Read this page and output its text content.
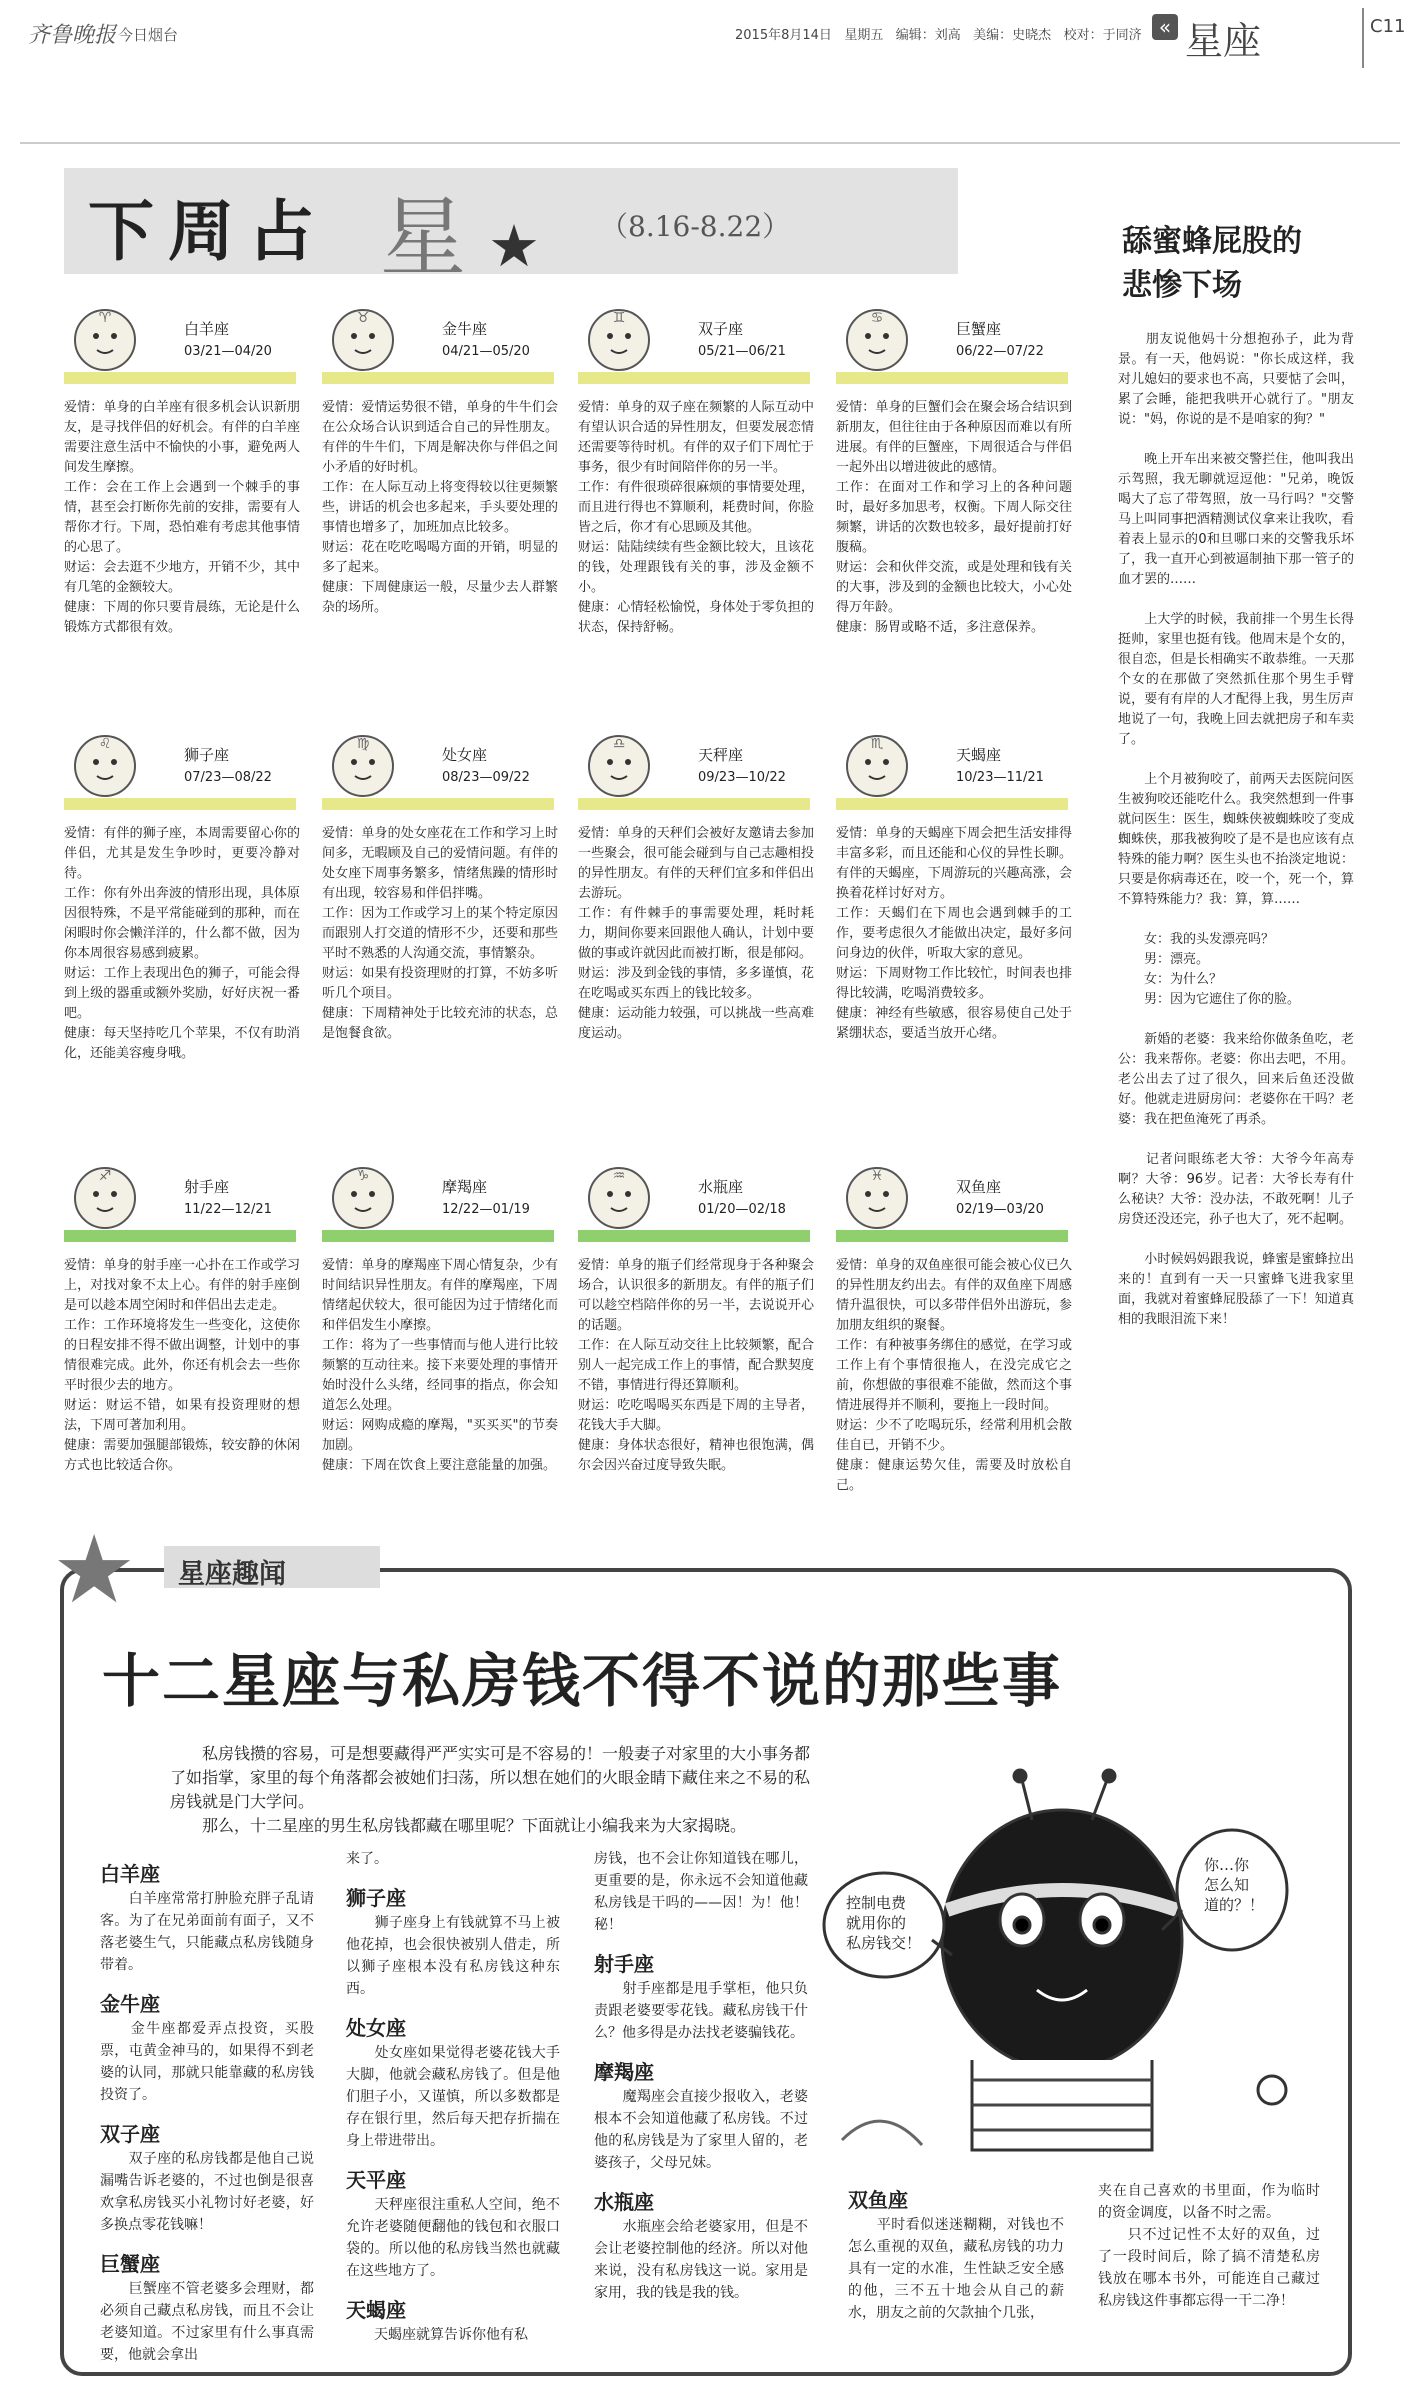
齐鲁晚报 今日烟台	2015年8月14日 星期五 编辑：刘高 美编：史晓杰 校对：于同济 « 星座	C11
下周占 星 ★ （8.16-8.22）
♈
白羊座
03/21—04/20
爱情：单身的白羊座有很多机会认识新朋友，是寻找伴侣的好机会。有伴的白羊座需要注意生活中不愉快的小事，避免两人间发生摩擦。
工作：会在工作上会遇到一个棘手的事情，甚至会打断你先前的安排，需要有人帮你才行。下周，恐怕难有考虑其他事情的心思了。
财运：会去逛不少地方，开销不少，其中有几笔的金额较大。
健康：下周的你只要肯晨练，无论是什么锻炼方式都很有效。
♉
金牛座
04/21—05/20
爱情：爱情运势很不错，单身的牛牛们会在公众场合认识到适合自己的异性朋友。有伴的牛牛们，下周是解决你与伴侣之间小矛盾的好时机。
工作：在人际互动上将变得较以往更频繁些，讲话的机会也多起来，手头要处理的事情也增多了，加班加点比较多。
财运：花在吃吃喝喝方面的开销，明显的多了起来。
健康：下周健康运一般，尽量少去人群繁杂的场所。
♊
双子座
05/21—06/21
爱情：单身的双子座在频繁的人际互动中有望认识合适的异性朋友，但要发展恋情还需要等待时机。有伴的双子们下周忙于事务，很少有时间陪伴你的另一半。
工作：有件很琐碎很麻烦的事情要处理，而且进行得也不算顺利，耗费时间，你脸皆之后，你才有心思顾及其他。
财运：陆陆续续有些金额比较大，且该花的钱，处理跟钱有关的事，涉及金额不小。
健康：心情轻松愉悦，身体处于零负担的状态，保持舒畅。
♋
巨蟹座
06/22—07/22
爱情：单身的巨蟹们会在聚会场合结识到新朋友，但往往由于各种原因而难以有所进展。有伴的巨蟹座，下周很适合与伴侣一起外出以增进彼此的感情。
工作：在面对工作和学习上的各种问题时，最好多加思考，权衡。下周人际交往频繁，讲话的次数也较多，最好提前打好腹稿。
财运：会和伙伴交流，或是处理和钱有关的大事，涉及到的金额也比较大，小心处得万年龄。
健康：肠胃或略不适，多注意保养。
♌
狮子座
07/23—08/22
爱情：有伴的狮子座，本周需要留心你的伴侣，尤其是发生争吵时，更要冷静对待。
工作：你有外出奔波的情形出现，具体原因很特殊，不是平常能碰到的那种，而在闲暇时你会懒洋洋的，什么都不做，因为你本周很容易感到疲累。
财运：工作上表现出色的狮子，可能会得到上级的器重或额外奖励，好好庆祝一番吧。
健康：每天坚持吃几个苹果，不仅有助消化，还能美容瘦身哦。
♍
处女座
08/23—09/22
爱情：单身的处女座花在工作和学习上时间多，无暇顾及自己的爱情问题。有伴的处女座下周事务繁多，情绪焦躁的情形时有出现，较容易和伴侣拌嘴。
工作：因为工作或学习上的某个特定原因而跟别人打交道的情形不少，还要和那些平时不熟悉的人沟通交流，事情繁杂。
财运：如果有投资理财的打算，不妨多听听几个项目。
健康：下周精神处于比较充沛的状态，总是饱餐食欲。
♎
天秤座
09/23—10/22
爱情：单身的天秤们会被好友邀请去参加一些聚会，很可能会碰到与自己志趣相投的异性朋友。有伴的天秤们宜多和伴侣出去游玩。
工作：有件棘手的事需要处理，耗时耗力，期间你要来回跟他人确认，计划中要做的事或许就因此而被打断，很是郁闷。
财运：涉及到金钱的事情，多多谨慎，花在吃喝或买东西上的钱比较多。
健康：运动能力较强，可以挑战一些高难度运动。
♏
天蝎座
10/23—11/21
爱情：单身的天蝎座下周会把生活安排得丰富多彩，而且还能和心仪的异性长聊。有伴的天蝎座，下周游玩的兴趣高涨，会换着花样讨好对方。
工作：天蝎们在下周也会遇到棘手的工作，要考虑很久才能做出决定，最好多问问身边的伙伴，听取大家的意见。
财运：下周财物工作比较忙，时间表也排得比较满，吃喝消费较多。
健康：神经有些敏感，很容易使自己处于紧绷状态，要适当放开心绪。
♐
射手座
11/22—12/21
爱情：单身的射手座一心扑在工作或学习上，对找对象不太上心。有伴的射手座倒是可以趁本周空闲时和伴侣出去走走。
工作：工作环境将发生一些变化，这使你的日程安排不得不做出调整，计划中的事情很难完成。此外，你还有机会去一些你平时很少去的地方。
财运：财运不错，如果有投资理财的想法，下周可著加利用。
健康：需要加强腿部锻炼，较安静的休闲方式也比较适合你。
♑
摩羯座
12/22—01/19
爱情：单身的摩羯座下周心情复杂，少有时间结识异性朋友。有伴的摩羯座，下周情绪起伏较大，很可能因为过于情绪化而和伴侣发生小摩擦。
工作：将为了一些事情而与他人进行比较频繁的互动往来。接下来要处理的事情开始时没什么头绪，经同事的指点，你会知道怎么处理。
财运：网购成瘾的摩羯，"买买买"的节奏加剧。
健康：下周在饮食上要注意能量的加强。
♒
水瓶座
01/20—02/18
爱情：单身的瓶子们经常现身于各种聚会场合，认识很多的新朋友。有伴的瓶子们可以趁空档陪伴你的另一半，去说说开心的话题。
工作：在人际互动交往上比较频繁，配合别人一起完成工作上的事情，配合默契度不错，事情进行得还算顺利。
财运：吃吃喝喝买东西是下周的主导者，花钱大手大脚。
健康：身体状态很好，精神也很饱满，偶尔会因兴奋过度导致失眠。
♓
双鱼座
02/19—03/20
爱情：单身的双鱼座很可能会被心仪已久的异性朋友约出去。有伴的双鱼座下周感情升温很快，可以多带伴侣外出游玩，参加朋友组织的聚餐。
工作：有种被事务绑住的感觉，在学习或工作上有个事情很拖人，在没完成它之前，你想做的事很难不能做，然而这个事情进展得并不顺利，要拖上一段时间。
财运：少不了吃喝玩乐，经常利用机会散佳自已，开销不少。
健康：健康运势欠佳，需要及时放松自己。
舔蜜蜂屁股的
悲惨下场
　　朋友说他妈十分想抱孙子，此为背景。有一天，他妈说："你长成这样，我对儿媳妇的要求也不高，只要惦了会叫，累了会睡，能把我哄开心就行了。"朋友说："妈，你说的是不是咱家的狗？"

　　晚上开车出来被交警拦住，他叫我出示驾照，我无聊就逗逗他："兄弟，晚饭喝大了忘了带驾照，放一马行吗？"交警马上叫同事把酒精测试仪拿来让我吹，看着表上显示的0和旦哪口来的交警我乐坏了，我一直开心到被逼制抽下那一管子的血才罢的……

　　上大学的时候，我前排一个男生长得挺帅，家里也挺有钱。他周末是个女的，很自恋，但是长相确实不敢恭维。一天那个女的在那做了突然抓住那个男生手臂说，要有有岸的人才配得上我，男生厉声地说了一句，我晚上回去就把房子和车卖了。

　　上个月被狗咬了，前两天去医院问医生被狗咬还能吃什么。我突然想到一件事就问医生：医生，蜘蛛侠被蜘蛛咬了变成蜘蛛侠，那我被狗咬了是不是也应该有点特殊的能力啊？医生头也不抬淡定地说：只要是你病毒还在，咬一个，死一个，算不算特殊能力？我：算，算……

　　女：我的头发漂亮吗？
　　男：漂亮。
　　女：为什么？
　　男：因为它遮住了你的脸。

　　新婚的老婆：我来给你做条鱼吃，老公：我来帮你。老婆：你出去吧，不用。老公出去了过了很久，回来后鱼还没做好。他就走进厨房问：老婆你在干吗？老婆：我在把鱼淹死了再杀。

　　记者问眼练老大爷：大爷今年高寿啊？大爷：96岁。记者：大爷长寿有什么秘诀？大爷：没办法，不敢死啊！儿子房贷还没还完，孙子也大了，死不起啊。

　　小时候妈妈跟我说，蜂蜜是蜜蜂拉出来的！直到有一天一只蜜蜂飞进我家里面，我就对着蜜蜂屁股舔了一下！知道真相的我眼泪流下来！
★ 星座趣闻
十二星座与私房钱不得不说的那些事
　　私房钱攒的容易，可是想要藏得严严实实可是不容易的！一般妻子对家里的大小事务都了如指掌，家里的每个角落都会被她们扫荡，所以想在她们的火眼金睛下藏住来之不易的私房钱就是门大学问。
　　那么，十二星座的男生私房钱都藏在哪里呢？下面就让小编我来为大家揭晓。
白羊座
　　白羊座常常打肿脸充胖子乱请客。为了在兄弟面前有面子，又不落老婆生气，只能藏点私房钱随身带着。
金牛座
　　金牛座都爱弄点投资，买股票，屯黄金神马的，如果得不到老婆的认同，那就只能靠藏的私房钱投资了。
双子座
　　双子座的私房钱都是他自己说漏嘴告诉老婆的，不过也倒是很喜欢拿私房钱买小礼物讨好老婆，好多换点零花钱嘛！
巨蟹座
　　巨蟹座不管老婆多会理财，都必须自己藏点私房钱，而且不会让老婆知道。不过家里有什么事真需要，他就会拿出
来了。
狮子座
　　狮子座身上有钱就算不马上被他花掉，也会很快被别人借走，所以狮子座根本没有私房钱这种东西。
处女座
　　处女座如果觉得老婆花钱大手大脚，他就会藏私房钱了。但是他们胆子小，又谨慎，所以多数都是存在银行里，然后每天把存折揣在身上带进带出。
天平座
　　天秤座很注重私人空间，绝不允许老婆随便翻他的钱包和衣服口袋的。所以他的私房钱当然也就藏在这些地方了。
天蝎座
　　天蝎座就算告诉你他有私
房钱，也不会让你知道钱在哪儿，更重要的是，你永远不会知道他藏私房钱是干吗的——因！为！他！秘！
射手座
　　射手座都是甩手掌柜，他只负责跟老婆要零花钱。藏私房钱干什么？他多得是办法找老婆骗钱花。
摩羯座
　　魔羯座会直接少报收入，老婆根本不会知道他藏了私房钱。不过他的私房钱是为了家里人留的，老婆孩子，父母兄妹。
水瓶座
　　水瓶座会给老婆家用，但是不会让老婆控制他的经济。所以对他来说，没有私房钱这一说。家用是家用，我的钱是我的钱。
双鱼座
　　平时看似迷迷糊糊，对钱也不怎么重视的双鱼，藏私房钱的功力具有一定的水准，生性缺乏安全感的他，三不五十地会从自己的薪水，朋友之前的欠款抽个几张，
夹在自己喜欢的书里面，作为临时的资金调度，以备不时之需。
　　只不过记性不太好的双鱼，过了一段时间后，除了搞不清楚私房钱放在哪本书外，可能连自己藏过私房钱这件事都忘得一干二净！
控制电费 就用你的 私房钱交！
你…你 怎么知 道的？！
